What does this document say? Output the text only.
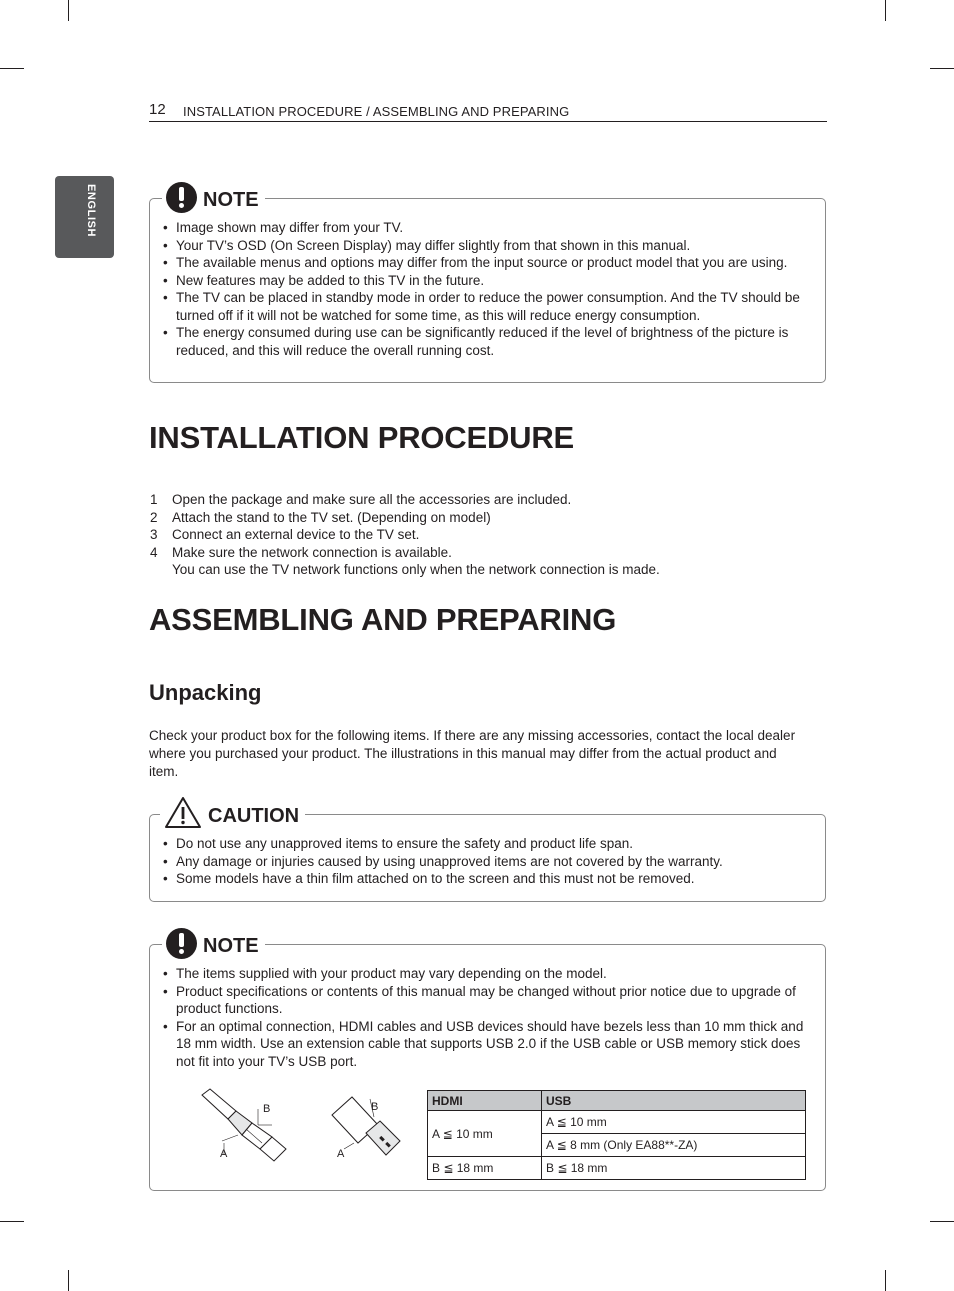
12 INSTALLATION PROCEDURE / ASSEMBLING AND PREPARING
ENGLISH	NOTE
• Image shown may differ from your TV.
• Your TV’s OSD (On Screen Display) may differ slightly from that shown in this manual.
• The available menus and options may differ from the input source or product model that you are using.
• New features may be added to this TV in the future.
• The TV can be placed in standby mode in order to reduce the power consumption. And the TV should be turned off if it will not be watched for some time, as this will reduce energy consumption.
• The energy consumed during use can be significantly reduced if the level of brightness of the picture is reduced, and this will reduce the overall running cost.
INSTALLATION PROCEDURE
1 Open the package and make sure all the accessories are included.
2 Attach the stand to the TV set. (Depending on model)
3 Connect an external device to the TV set.
4 Make sure the network connection is available.
You can use the TV network functions only when the network connection is made.
ASSEMBLING AND PREPARING
Unpacking
Check your product box for the following items. If there are any missing accessories, contact the local dealer where you purchased your product. The illustrations in this manual may differ from the actual product and item.
CAUTION
• Do not use any unapproved items to ensure the safety and product life span.
• Any damage or injuries caused by using unapproved items are not covered by the warranty.
• Some models have a thin film attached on to the screen and this must not be removed.
NOTE
• The items supplied with your product may vary depending on the model.
• Product specifications or contents of this manual may be changed without prior notice due to upgrade of product functions.
• For an optimal connection, HDMI cables and USB devices should have bezels less than 10 mm thick and 18 mm width. Use an extension cable that supports USB 2.0 if the USB cable or USB memory stick does not fit into your TV’s USB port.
B
A
B
A
HDMI	USB
A ≦ 10 mm	A ≦ 10 mm
	A ≦ 8 mm (Only EA88**-ZA)
B ≦ 18 mm	B ≦ 18 mm
